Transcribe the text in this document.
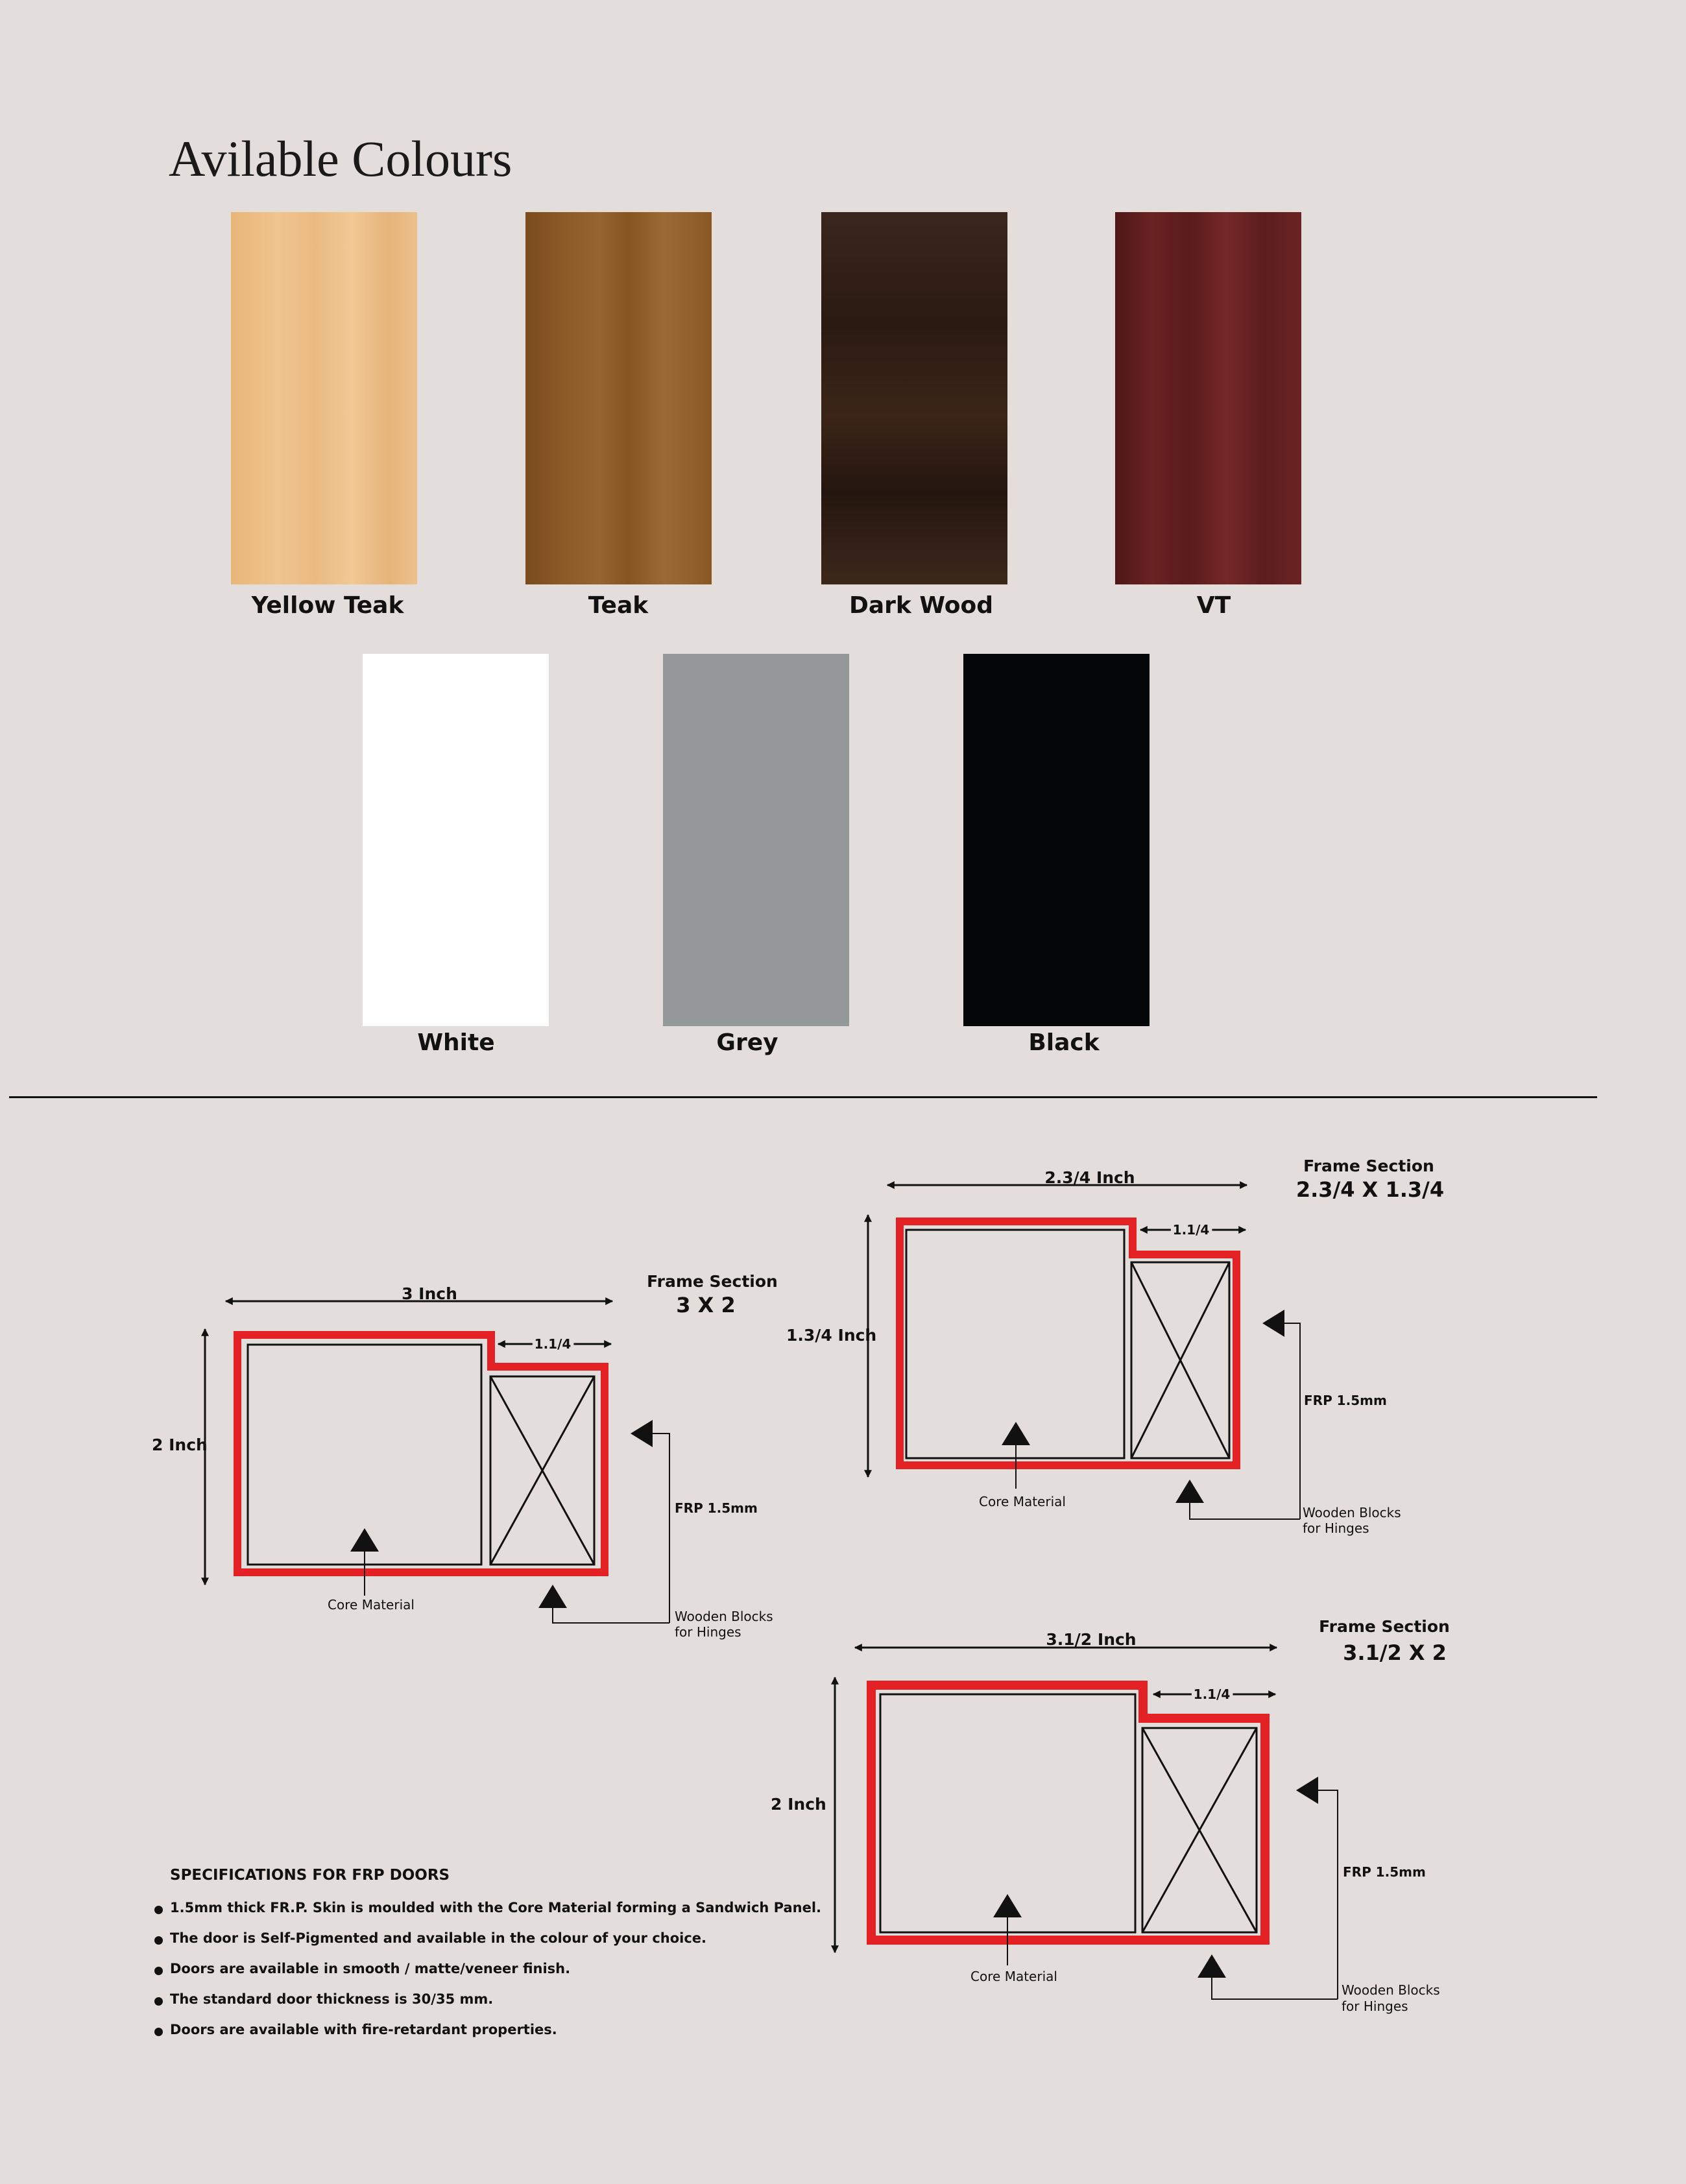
Avilable Colours
Yellow Teak	Teak	Dark Wood	VT
White	Grey	Black
3 Inch
2 Inch
1.1/4
Core Material
FRP 1.5mm
Wooden Blocks
for Hinges
Frame Section
3 X 2
2.3/4 Inch
1.3/4 Inch
1.1/4
Core Material
FRP 1.5mm
Wooden Blocks
for Hinges
Frame Section
2.3/4 X 1.3/4
3.1/2 Inch
2 Inch
1.1/4
Core Material
FRP 1.5mm
Wooden Blocks
for Hinges
Frame Section
3.1/2 X 2
SPECIFICATIONS FOR FRP DOORS
1.5mm thick FR.P. Skin is moulded with the Core Material forming a Sandwich Panel.
The door is Self-Pigmented and available in the colour of your choice.
Doors are available in smooth / matte/veneer finish.
The standard door thickness is 30/35 mm.
Doors are available with fire-retardant properties.
